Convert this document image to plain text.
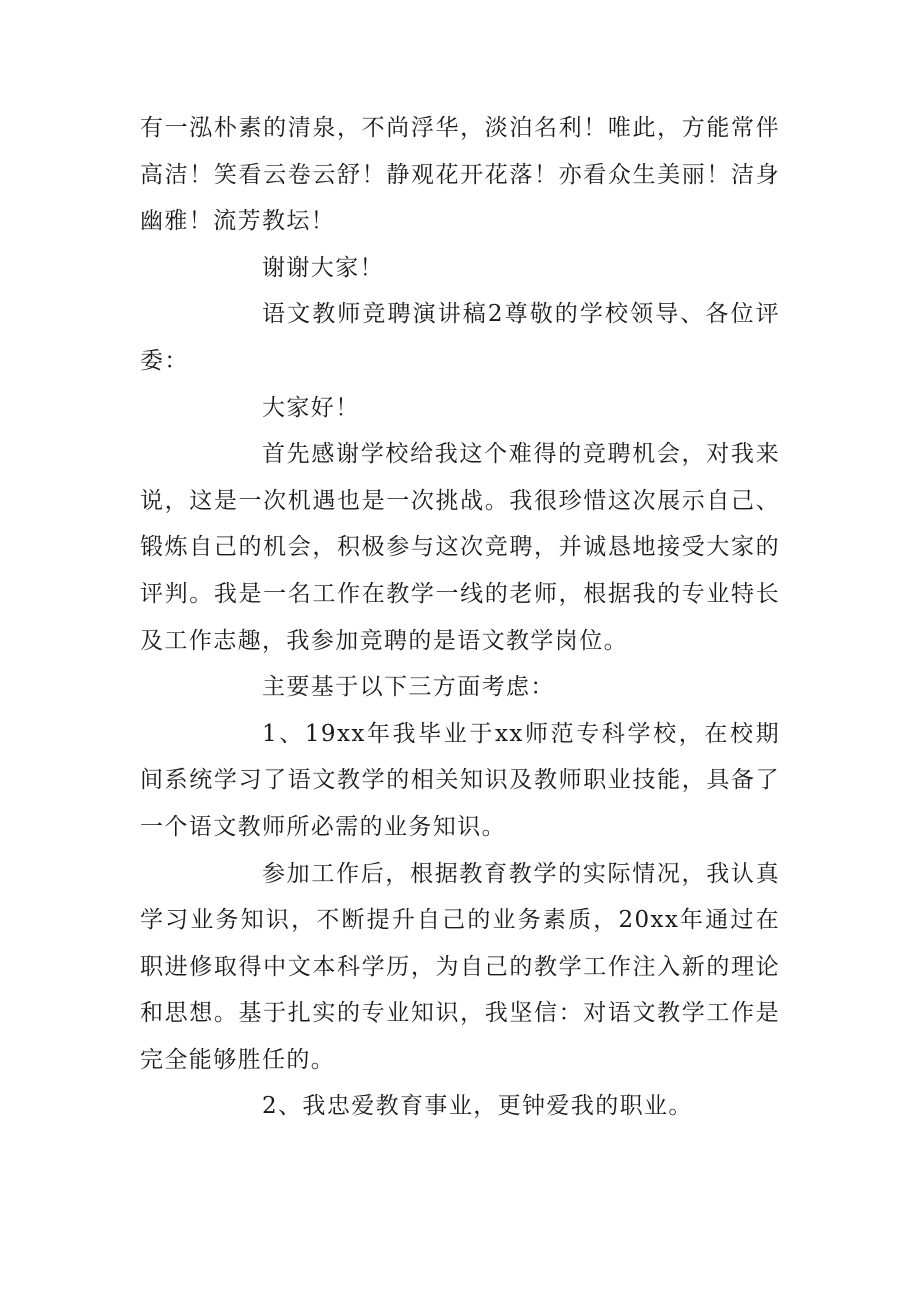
有一泓朴素的清泉，不尚浮华，淡泊名利！唯此，方能常伴高洁！笑看云卷云舒！静观花开花落！亦看众生美丽！洁身幽雅！流芳教坛！

谢谢大家！

语文教师竞聘演讲稿2尊敬的学校领导、各位评委：

大家好！

首先感谢学校给我这个难得的竞聘机会，对我来说，这是一次机遇也是一次挑战。我很珍惜这次展示自己、锻炼自己的机会，积极参与这次竞聘，并诚恳地接受大家的评判。我是一名工作在教学一线的老师，根据我的专业特长及工作志趣，我参加竞聘的是语文教学岗位。

主要基于以下三方面考虑：

1、19xx年我毕业于xx师范专科学校，在校期间系统学习了语文教学的相关知识及教师职业技能，具备了一个语文教师所必需的业务知识。

参加工作后，根据教育教学的实际情况，我认真学习业务知识，不断提升自己的业务素质，20xx年通过在职进修取得中文本科学历，为自己的教学工作注入新的理论和思想。基于扎实的专业知识，我坚信：对语文教学工作是完全能够胜任的。

2、我忠爱教育事业，更钟爱我的职业。
